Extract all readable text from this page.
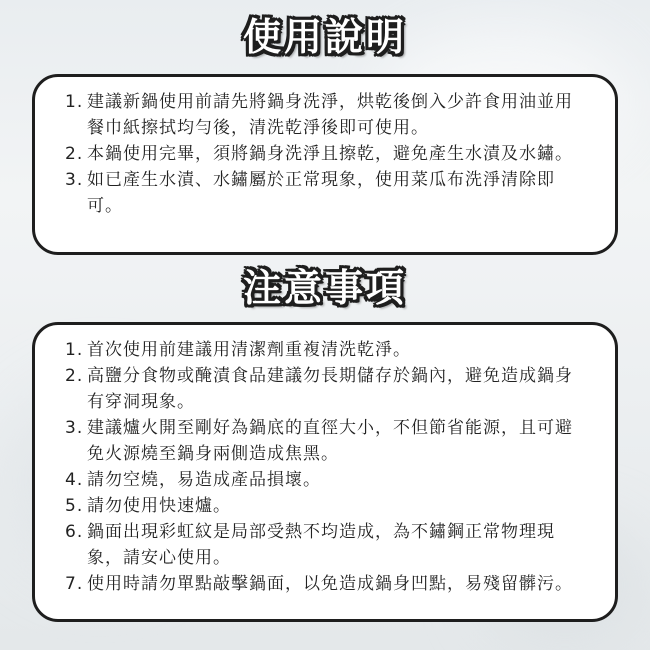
使用說明
1. 建議新鍋使用前請先將鍋身洗淨，烘乾後倒入少許食用油並用餐巾紙擦拭均勻後，清洗乾淨後即可使用。
2. 本鍋使用完畢，須將鍋身洗淨且擦乾，避免產生水漬及水鏽。
3. 如已產生水漬、水鏽屬於正常現象，使用菜瓜布洗淨清除即可。
注意事項
1. 首次使用前建議用清潔劑重複清洗乾淨。
2. 高鹽分食物或醃漬食品建議勿長期儲存於鍋內，避免造成鍋身有穿洞現象。
3. 建議爐火開至剛好為鍋底的直徑大小，不但節省能源，且可避免火源燒至鍋身兩側造成焦黑。
4. 請勿空燒，易造成產品損壞。
5. 請勿使用快速爐。
6. 鍋面出現彩虹紋是局部受熱不均造成，為不鏽鋼正常物理現象，請安心使用。
7. 使用時請勿單點敲擊鍋面，以免造成鍋身凹點，易殘留髒污。
